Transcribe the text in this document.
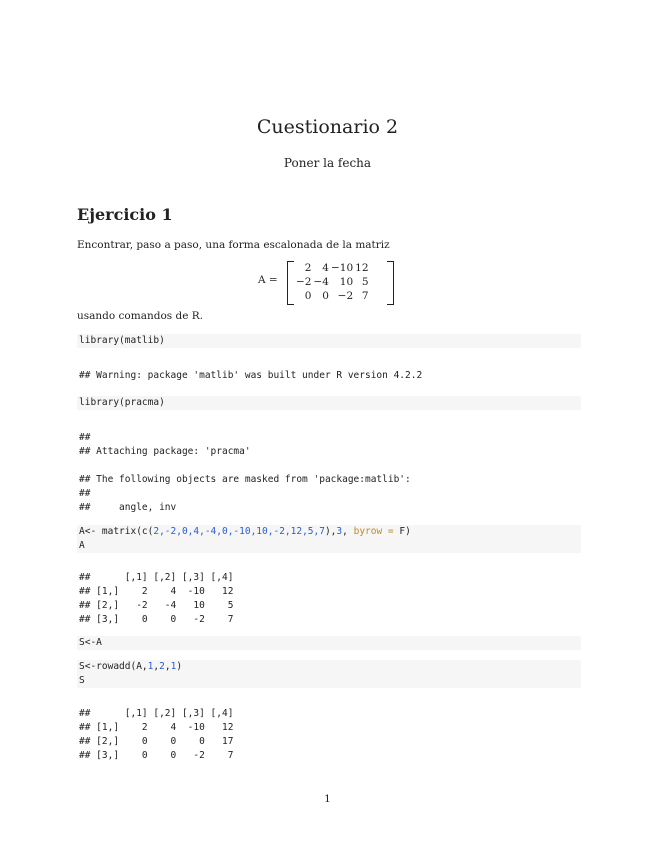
Cuestionario 2
Poner la fecha
Ejercicio 1
Encontrar, paso a paso, una forma escalonada de la matriz
A =
2	4	−10	12
−2	−4	10	5
0	0	−2	7
usando comandos de R.
library(matlib)
## Warning: package 'matlib' was built under R version 4.2.2
library(pracma)
##
## Attaching package: 'pracma'
## The following objects are masked from 'package:matlib':
##
##     angle, inv
A<- matrix(c(2,-2,0,4,-4,0,-10,10,-2,12,5,7),3, byrow = F)
A
##      [,1] [,2] [,3] [,4]
## [1,]    2    4  -10   12
## [2,]   -2   -4   10    5
## [3,]    0    0   -2    7
S<-A
S<-rowadd(A,1,2,1)
S
##      [,1] [,2] [,3] [,4]
## [1,]    2    4  -10   12
## [2,]    0    0    0   17
## [3,]    0    0   -2    7
1
